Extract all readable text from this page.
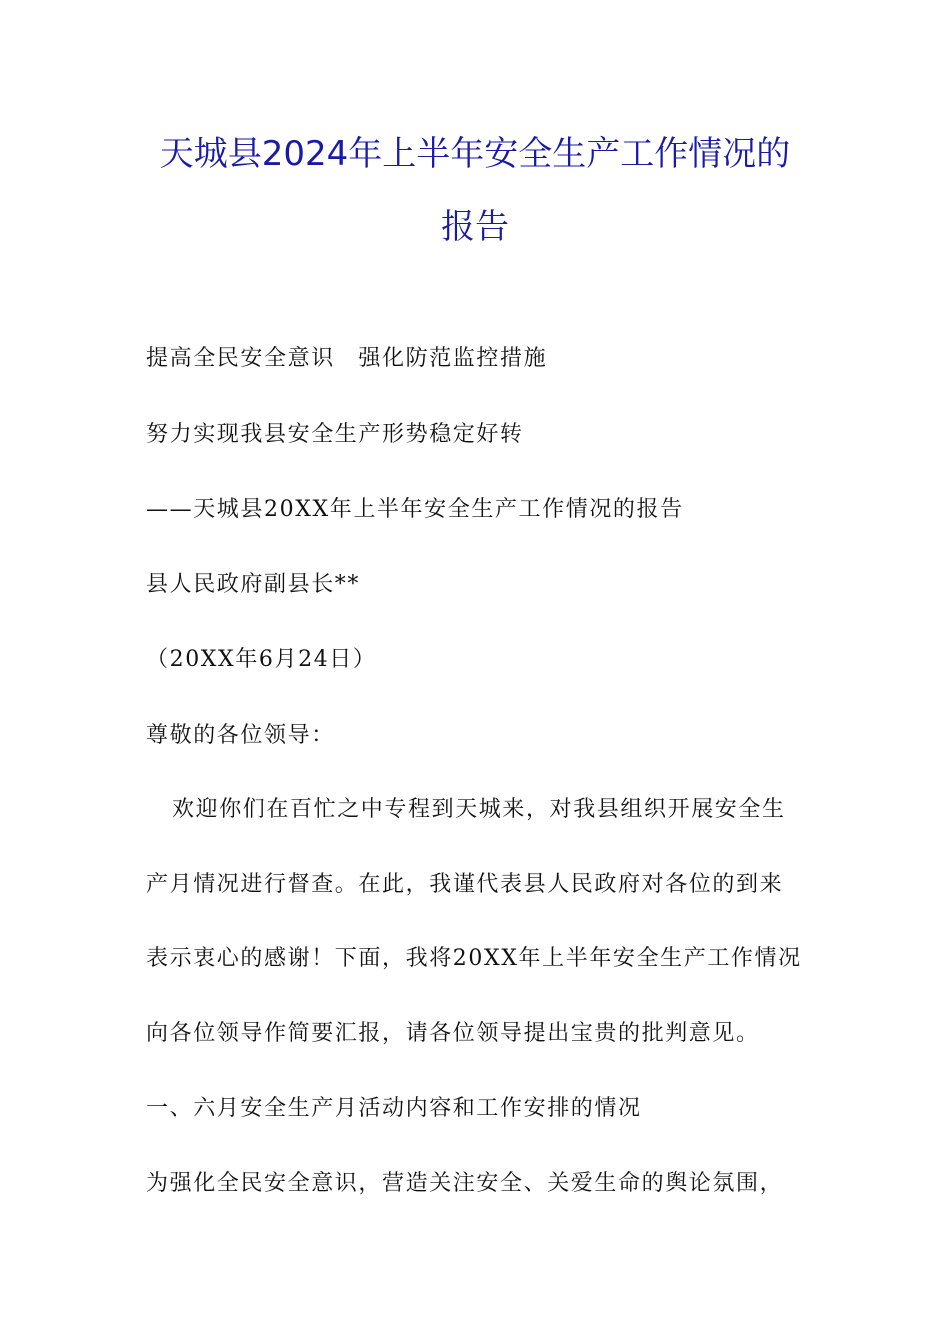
天城县2024年上半年安全生产工作情况的
报告
提高全民安全意识　强化防范监控措施
努力实现我县安全生产形势稳定好转
——天城县20XX年上半年安全生产工作情况的报告
县人民政府副县长**
（20XX年6月24日）
尊敬的各位领导：
欢迎你们在百忙之中专程到天城来，对我县组织开展安全生
产月情况进行督查。在此，我谨代表县人民政府对各位的到来
表示衷心的感谢！下面，我将20XX年上半年安全生产工作情况
向各位领导作简要汇报，请各位领导提出宝贵的批判意见。
一、六月安全生产月活动内容和工作安排的情况
为强化全民安全意识，营造关注安全、关爱生命的舆论氛围，
